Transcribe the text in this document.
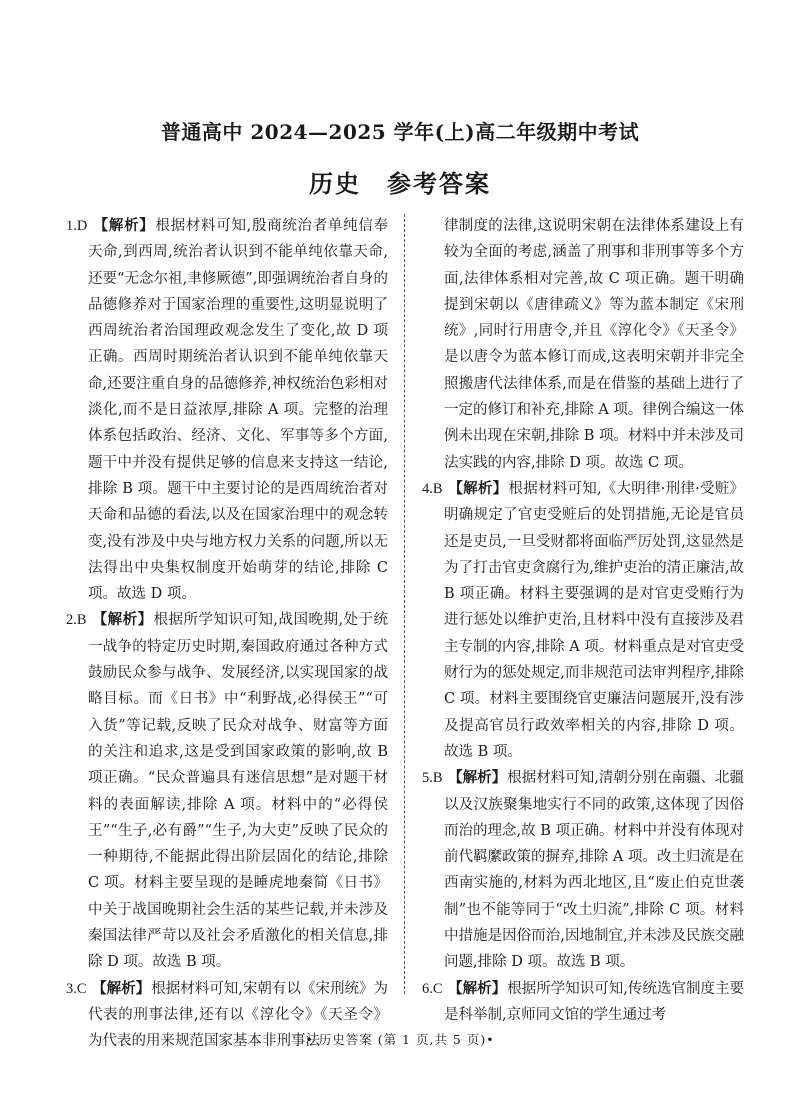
普通高中 2024—2025 学年(上)高二年级期中考试
历史 参考答案

1.D 【解析】根据材料可知,殷商统治者单纯信奉天命,到西周,统治者认识到不能单纯依靠天命,还要“无念尔祖,聿修厥德”,即强调统治者自身的品德修养对于国家治理的重要性,这明显说明了西周统治者治国理政观念发生了变化,故 D 项正确。西周时期统治者认识到不能单纯依靠天命,还要注重自身的品德修养,神权统治色彩相对淡化,而不是日益浓厚,排除 A 项。完整的治理体系包括政治、经济、文化、军事等多个方面,题干中并没有提供足够的信息来支持这一结论,排除 B 项。题干中主要讨论的是西周统治者对天命和品德的看法,以及在国家治理中的观念转变,没有涉及中央与地方权力关系的问题,所以无法得出中央集权制度开始萌芽的结论,排除 C 项。故选 D 项。

2.B 【解析】根据所学知识可知,战国晚期,处于统一战争的特定历史时期,秦国政府通过各种方式鼓励民众参与战争、发展经济,以实现国家的战略目标。而《日书》中“利野战,必得侯王”“可入货”等记载,反映了民众对战争、财富等方面的关注和追求,这是受到国家政策的影响,故 B 项正确。“民众普遍具有迷信思想”是对题干材料的表面解读,排除 A 项。材料中的“必得侯王”“生子,必有爵”“生子,为大吏”反映了民众的一种期待,不能据此得出阶层固化的结论,排除 C 项。材料主要呈现的是睡虎地秦简《日书》中关于战国晚期社会生活的某些记载,并未涉及秦国法律严苛以及社会矛盾激化的相关信息,排除 D 项。故选 B 项。

3.C 【解析】根据材料可知,宋朝有以《宋刑统》为代表的刑事法律,还有以《淳化令》《天圣令》为代表的用来规范国家基本非刑事法

律制度的法律,这说明宋朝在法律体系建设上有较为全面的考虑,涵盖了刑事和非刑事等多个方面,法律体系相对完善,故 C 项正确。题干明确提到宋朝以《唐律疏义》等为蓝本制定《宋刑统》,同时行用唐令,并且《淳化令》《天圣令》是以唐令为蓝本修订而成,这表明宋朝并非完全照搬唐代法律体系,而是在借鉴的基础上进行了一定的修订和补充,排除 A 项。律例合编这一体例未出现在宋朝,排除 B 项。材料中并未涉及司法实践的内容,排除 D 项。故选 C 项。

4.B 【解析】根据材料可知,《大明律·刑律·受赃》明确规定了官吏受赃后的处罚措施,无论是官员还是吏员,一旦受财都将面临严厉处罚,这显然是为了打击官吏贪腐行为,维护吏治的清正廉洁,故 B 项正确。材料主要强调的是对官吏受贿行为进行惩处以维护吏治,且材料中没有直接涉及君主专制的内容,排除 A 项。材料重点是对官吏受财行为的惩处规定,而非规范司法审判程序,排除 C 项。材料主要围绕官吏廉洁问题展开,没有涉及提高官员行政效率相关的内容,排除 D 项。故选 B 项。

5.B 【解析】根据材料可知,清朝分别在南疆、北疆以及汉族聚集地实行不同的政策,这体现了因俗而治的理念,故 B 项正确。材料中并没有体现对前代羁縻政策的摒弃,排除 A 项。改土归流是在西南实施的,材料为西北地区,且“废止伯克世袭制”也不能等同于“改土归流”,排除 C 项。材料中措施是因俗而治,因地制宜,并未涉及民族交融问题,排除 D 项。故选 B 项。

6.C 【解析】根据所学知识可知,传统选官制度主要是科举制,京师同文馆的学生通过考

• 历史答案 (第 1 页,共 5 页)•
